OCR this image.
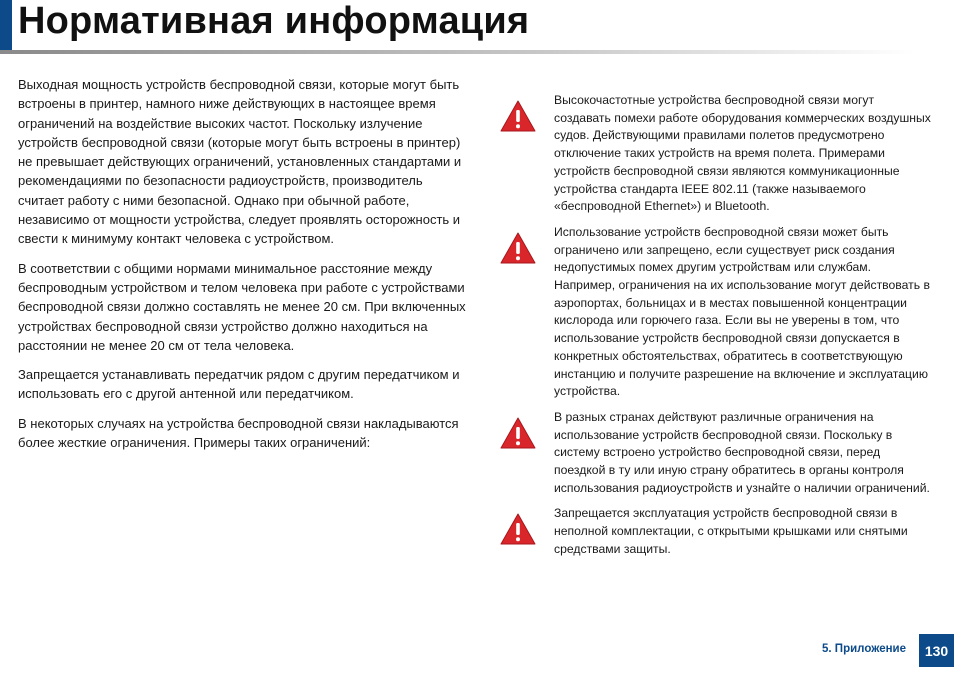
Нормативная информация

Выходная мощность устройств беспроводной связи, которые могут быть встроены в принтер, намного ниже действующих в настоящее время ограничений на воздействие высоких частот. Поскольку излучение устройств беспроводной связи (которые могут быть встроены в принтер) не превышает действующих ограничений, установленных стандартами и рекомендациями по безопасности радиоустройств, производитель считает работу с ними безопасной. Однако при обычной работе, независимо от мощности устройства, следует проявлять осторожность и свести к минимуму контакт человека с устройством.

В соответствии с общими нормами минимальное расстояние между беспроводным устройством и телом человека при работе с устройствами беспроводной связи должно составлять не менее 20 см. При включенных устройствах беспроводной связи устройство должно находиться на расстоянии не менее 20 см от тела человека.

Запрещается устанавливать передатчик рядом с другим передатчиком и использовать его с другой антенной или передатчиком.

В некоторых случаях на устройства беспроводной связи накладываются более жесткие ограничения. Примеры таких ограничений:

Высокочастотные устройства беспроводной связи могут создавать помехи работе оборудования коммерческих воздушных судов. Действующими правилами полетов предусмотрено отключение таких устройств на время полета. Примерами устройств беспроводной связи являются коммуникационные устройства стандарта IEEE 802.11 (также называемого «беспроводной Ethernet») и Bluetooth.

Использование устройств беспроводной связи может быть ограничено или запрещено, если существует риск создания недопустимых помех другим устройствам или службам. Например, ограничения на их использование могут действовать в аэропортах, больницах и в местах повышенной концентрации кислорода или горючего газа. Если вы не уверены в том, что использование устройств беспроводной связи допускается в конкретных обстоятельствах, обратитесь в соответствующую инстанцию и получите разрешение на включение и эксплуатацию устройства.

В разных странах действуют различные ограничения на использование устройств беспроводной связи. Поскольку в систему встроено устройство беспроводной связи, перед поездкой в ту или иную страну обратитесь в органы контроля использования радиоустройств и узнайте о наличии ограничений.

Запрещается эксплуатация устройств беспроводной связи в неполной комплектации, с открытыми крышками или снятыми средствами защиты.

5. Приложение	130
